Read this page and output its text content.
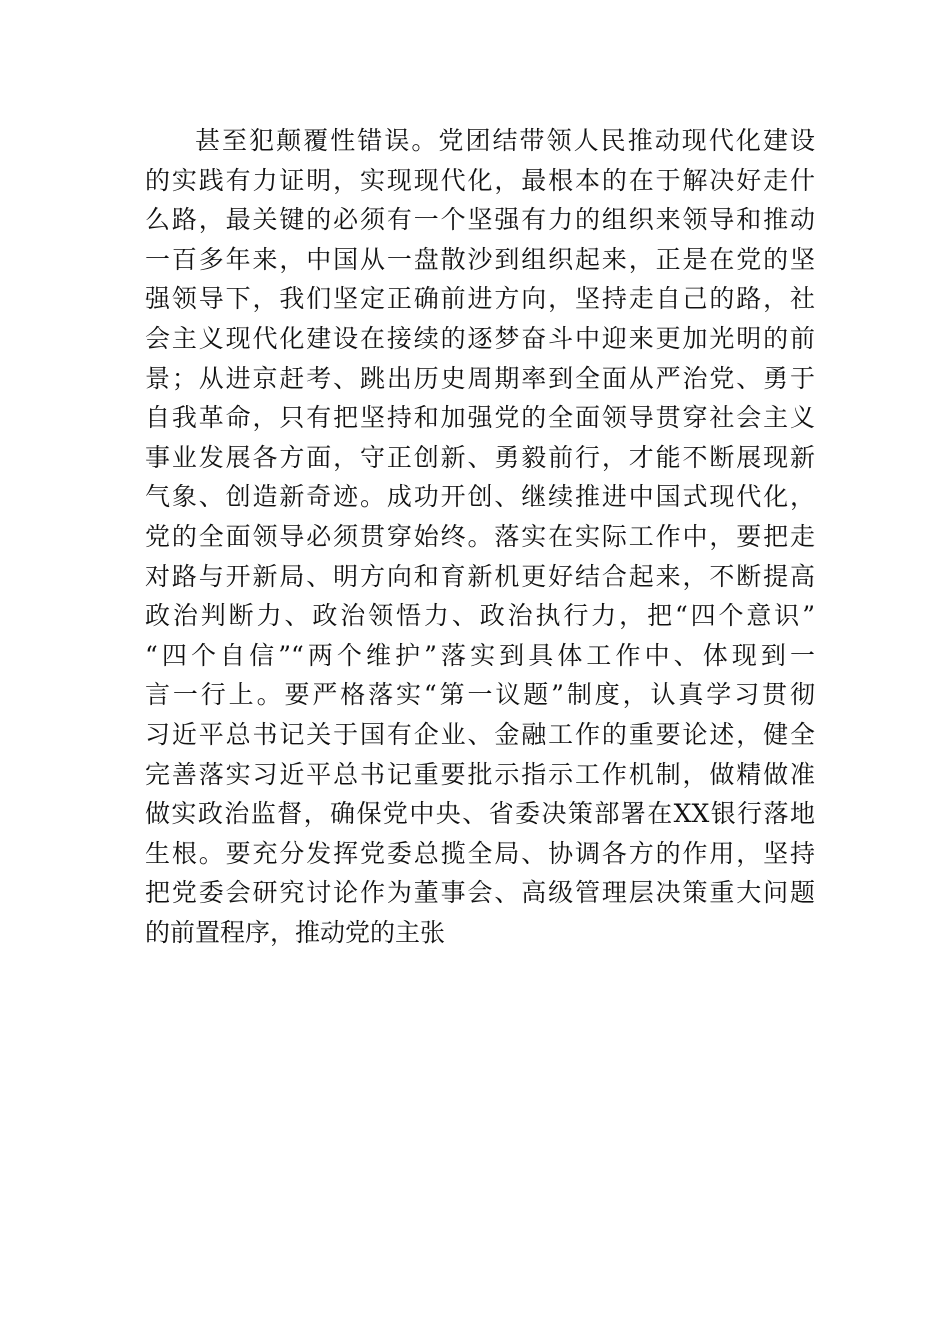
甚至犯颠覆性错误。党团结带领人民推动现代化建设
的实践有力证明，实现现代化，最根本的在于解决好走什
么路，最关键的必须有一个坚强有力的组织来领导和推动
一百多年来，中国从一盘散沙到组织起来，正是在党的坚
强领导下，我们坚定正确前进方向，坚持走自己的路，社
会主义现代化建设在接续的逐梦奋斗中迎来更加光明的前
景；从进京赶考、跳出历史周期率到全面从严治党、勇于
自我革命，只有把坚持和加强党的全面领导贯穿社会主义
事业发展各方面，守正创新、勇毅前行，才能不断展现新
气象、创造新奇迹。成功开创、继续推进中国式现代化，
党的全面领导必须贯穿始终。落实在实际工作中，要把走
对路与开新局、明方向和育新机更好结合起来，不断提高
政治判断力、政治领悟力、政治执行力，把“四个意识”
“四个自信”“两个维护”落实到具体工作中、体现到一
言一行上。要严格落实“第一议题”制度，认真学习贯彻
习近平总书记关于国有企业、金融工作的重要论述，健全
完善落实习近平总书记重要批示指示工作机制，做精做准
做实政治监督，确保党中央、省委决策部署在XX银行落地
生根。要充分发挥党委总揽全局、协调各方的作用，坚持
把党委会研究讨论作为董事会、高级管理层决策重大问题
的前置程序，推动党的主张
